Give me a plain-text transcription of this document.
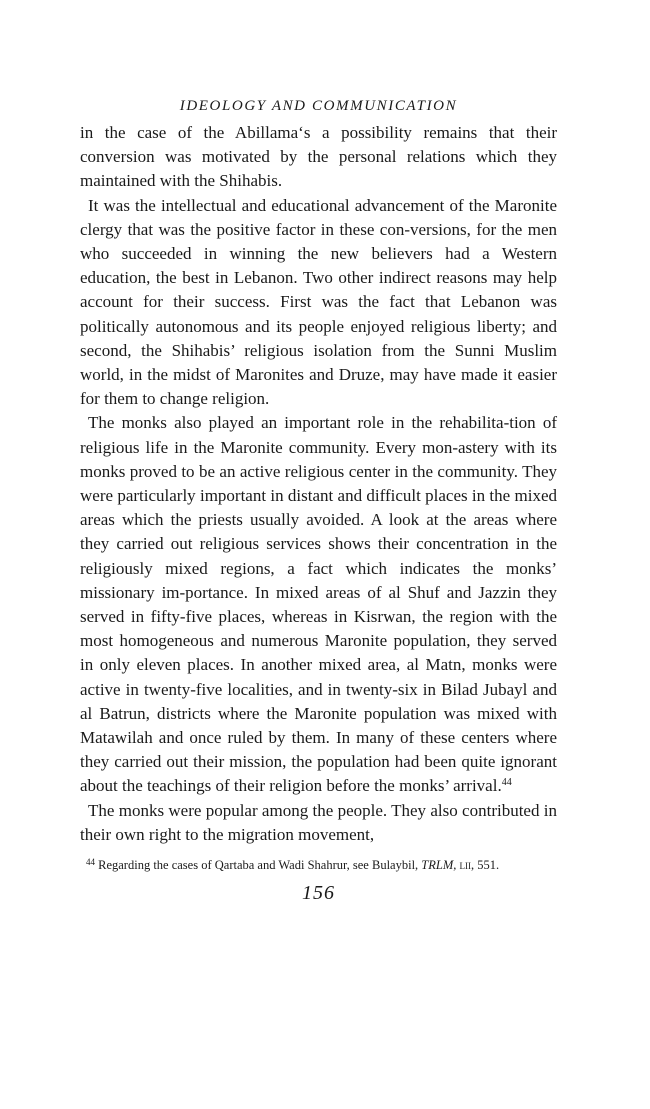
IDEOLOGY AND COMMUNICATION

in the case of the Abillama‘s a possibility remains that their conversion was motivated by the personal relations which they maintained with the Shihabis.

It was the intellectual and educational advancement of the Maronite clergy that was the positive factor in these con-versions, for the men who succeeded in winning the new believers had a Western education, the best in Lebanon. Two other indirect reasons may help account for their success. First was the fact that Lebanon was politically autonomous and its people enjoyed religious liberty; and second, the Shihabis’ religious isolation from the Sunni Muslim world, in the midst of Maronites and Druze, may have made it easier for them to change religion.

The monks also played an important role in the rehabilita-tion of religious life in the Maronite community. Every mon-astery with its monks proved to be an active religious center in the community. They were particularly important in distant and difficult places in the mixed areas which the priests usually avoided. A look at the areas where they carried out religious services shows their concentration in the religiously mixed regions, a fact which indicates the monks’ missionary im-portance. In mixed areas of al Shuf and Jazzin they served in fifty-five places, whereas in Kisrwan, the region with the most homogeneous and numerous Maronite population, they served in only eleven places. In another mixed area, al Matn, monks were active in twenty-five localities, and in twenty-six in Bilad Jubayl and al Batrun, districts where the Maronite population was mixed with Matawilah and once ruled by them. In many of these centers where they carried out their mission, the population had been quite ignorant about the teachings of their religion before the monks’ arrival.$^{44}$

The monks were popular among the people. They also contributed in their own right to the migration movement,

$^{44}$ Regarding the cases of Qartaba and Wadi Shahrur, see Bulaybil, TRLM, lii, 551.
156
